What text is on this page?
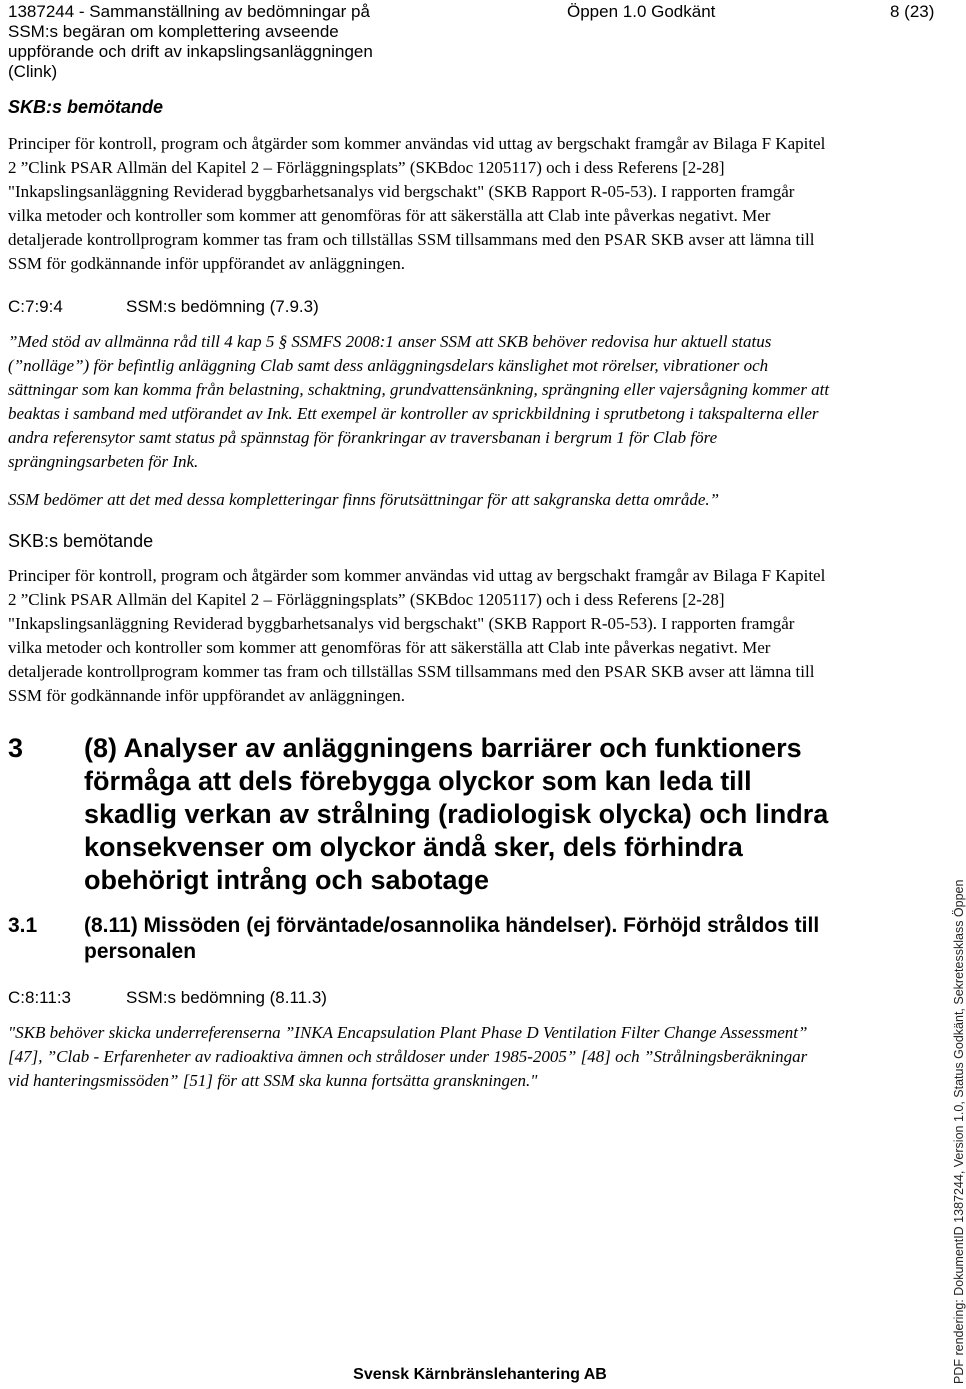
1387244 - Sammanställning av bedömningar på
SSM:s begäran om komplettering avseende
uppförande och drift av inkapslingsanläggningen
(Clink)
Öppen 1.0 Godkänt	8 (23)
SKB:s bemötande

Principer för kontroll, program och åtgärder som kommer användas vid uttag av bergschakt framgår av Bilaga F Kapitel 2 ”Clink PSAR Allmän del Kapitel 2 – Förläggningsplats” (SKBdoc 1205117) och i dess Referens [2-28] "Inkapslingsanläggning Reviderad byggbarhetsanalys vid bergschakt" (SKB Rapport R-05-53). I rapporten framgår vilka metoder och kontroller som kommer att genomföras för att säkerställa att Clab inte påverkas negativt. Mer detaljerade kontrollprogram kommer tas fram och tillställas SSM tillsammans med den PSAR SKB avser att lämna till SSM för godkännande inför uppförandet av anläggningen.

C:7:9:4	SSM:s bedömning (7.9.3)

”Med stöd av allmänna råd till 4 kap 5 § SSMFS 2008:1 anser SSM att SKB behöver redovisa hur aktuell status (”nolläge”) för befintlig anläggning Clab samt dess anläggningsdelars känslighet mot rörelser, vibrationer och sättningar som kan komma från belastning, schaktning, grundvattensänkning, sprängning eller vajersågning kommer att beaktas i samband med utförandet av Ink. Ett exempel är kontroller av sprickbildning i sprutbetong i takspalterna eller andra referensytor samt status på spännstag för förankringar av traversbanan i bergrum 1 för Clab före sprängningsarbeten för Ink.

SSM bedömer att det med dessa kompletteringar finns förutsättningar för att sakgranska detta område.”

SKB:s bemötande

Principer för kontroll, program och åtgärder som kommer användas vid uttag av bergschakt framgår av Bilaga F Kapitel 2 ”Clink PSAR Allmän del Kapitel 2 – Förläggningsplats” (SKBdoc 1205117) och i dess Referens [2-28] "Inkapslingsanläggning Reviderad byggbarhetsanalys vid bergschakt" (SKB Rapport R-05-53). I rapporten framgår vilka metoder och kontroller som kommer att genomföras för att säkerställa att Clab inte påverkas negativt. Mer detaljerade kontrollprogram kommer tas fram och tillställas SSM tillsammans med den PSAR SKB avser att lämna till SSM för godkännande inför uppförandet av anläggningen.

3	(8) Analyser av anläggningens barriärer och funktioners förmåga att dels förebygga olyckor som kan leda till skadlig verkan av strålning (radiologisk olycka) och lindra konsekvenser om olyckor ändå sker, dels förhindra obehörigt intrång och sabotage
3.1	(8.11) Missöden (ej förväntade/osannolika händelser). Förhöjd stråldos till personalen
C:8:11:3	SSM:s bedömning (8.11.3)

"SKB behöver skicka underreferenserna ”INKA Encapsulation Plant Phase D Ventilation Filter Change Assessment” [47], ”Clab - Erfarenheter av radioaktiva ämnen och stråldoser under 1985-2005” [48] och ”Strålningsberäkningar vid hanteringsmissöden” [51] för att SSM ska kunna fortsätta granskningen."

Svensk Kärnbränslehantering AB	PDF rendering: DokumentID 1387244, Version 1.0, Status Godkänt, Sekretessklass Öppen
